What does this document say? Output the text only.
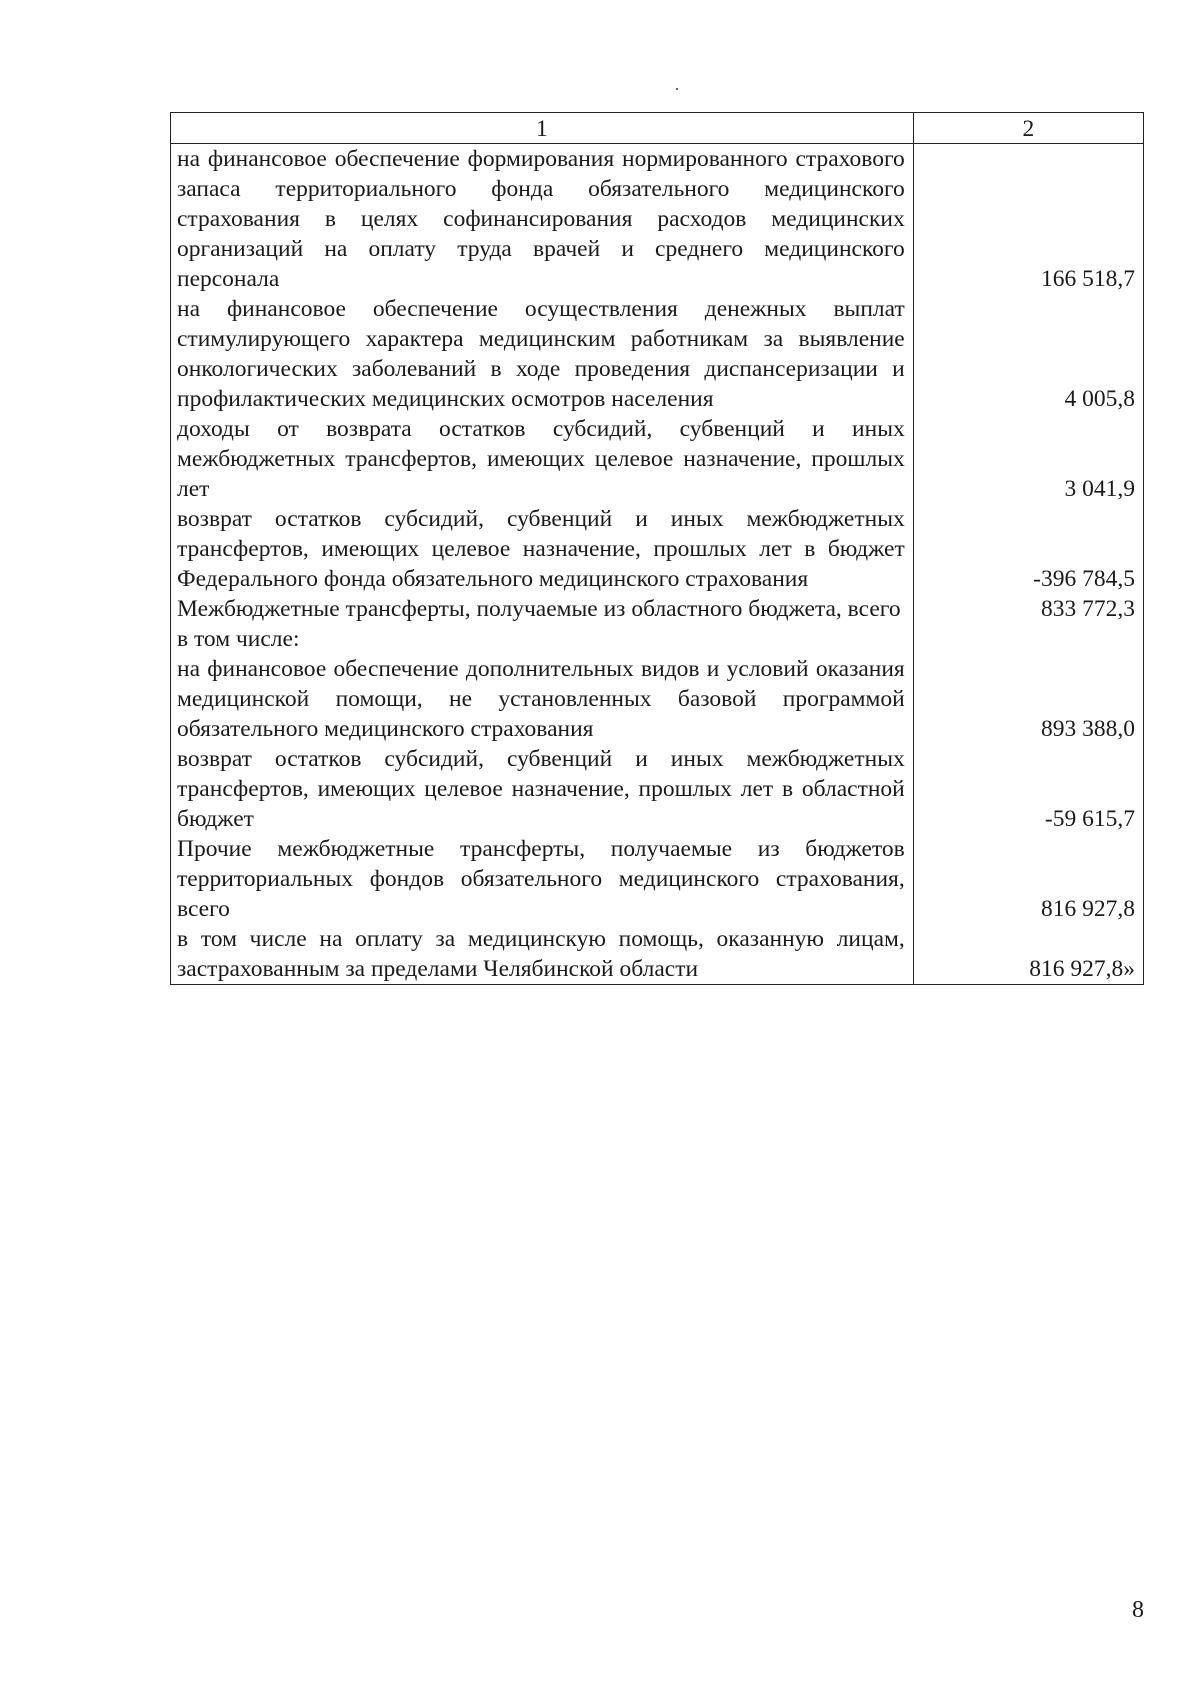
1	2
на финансовое обеспечение формирования нормированного страхового запаса территориального фонда обязательного медицинского страхования в целях софинансирования расходов медицинских организаций на оплату труда врачей и среднего медицинского персонала	166 518,7
на финансовое обеспечение осуществления денежных выплат стимулирующего характера медицинским работникам за выявление онкологических заболеваний в ходе проведения диспансеризации и профилактических медицинских осмотров населения	4 005,8
доходы от возврата остатков субсидий, субвенций и иных межбюджетных трансфертов, имеющих целевое назначение, прошлых лет	3 041,9
возврат остатков субсидий, субвенций и иных межбюджетных трансфертов, имеющих целевое назначение, прошлых лет в бюджет Федерального фонда обязательного медицинского страхования	-396 784,5
Межбюджетные трансферты, получаемые из областного бюджета, всего	833 772,3
в том числе:	
на финансовое обеспечение дополнительных видов и условий оказания медицинской помощи, не установленных базовой программой обязательного медицинского страхования	893 388,0
возврат остатков субсидий, субвенций и иных межбюджетных трансфертов, имеющих целевое назначение, прошлых лет в областной бюджет	-59 615,7
Прочие межбюджетные трансферты, получаемые из бюджетов территориальных фондов обязательного медицинского страхования, всего	816 927,8
в том числе на оплату за медицинскую помощь, оказанную лицам, застрахованным за пределами Челябинской области	816 927,8»
8
